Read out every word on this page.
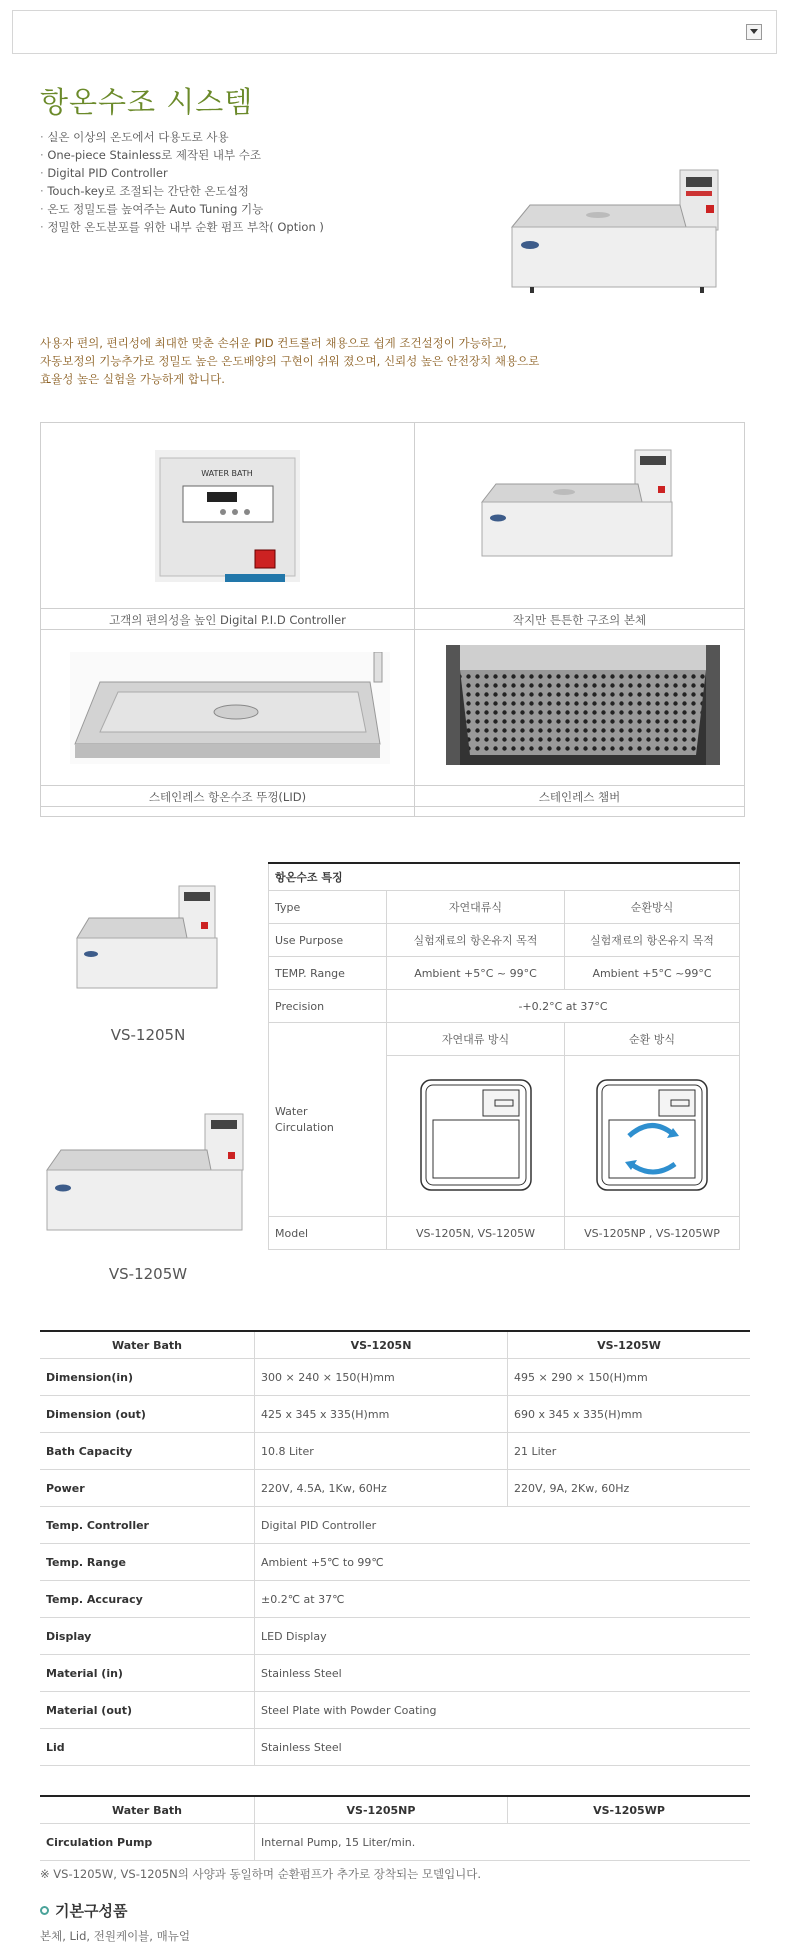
항온수조 시스템
· 실온 이상의 온도에서 다용도로 사용
· One-piece Stainless로 제작된 내부 수조
· Digital PID Controller
· Touch-key로 조절되는 간단한 온도설정
· 온도 정밀도를 높여주는 Auto Tuning 기능
· 정밀한 온도분포를 위한 내부 순환 펌프 부착( Option )
사용자 편의, 편리성에 최대한 맞춘 손쉬운 PID 컨트롤러 채용으로 쉽게 조건설정이 가능하고,
자동보정의 기능추가로 정밀도 높은 온도배양의 구현이 쉬워 졌으며, 신뢰성 높은 안전장치 채용으로
효율성 높은 실험을 가능하게 합니다.
WATER BATH
고객의 편의성을 높인 Digital P.I.D Controller	작지만 튼튼한 구조의 본체
스테인레스 항온수조 뚜껑(LID)	스테인레스 챔버
VS-1205N
VS-1205W
항온수조 특징		
Type	자연대류식	순환방식
Use Purpose	실험재료의 항온유지 목적	실험재료의 항온유지 목적
TEMP. Range	Ambient +5°C ~ 99°C	Ambient +5°C ~99°C
Precision	-+0.2°C at 37°C	
Water
Circulation	자연대류 방식	순환 방식

Model	VS-1205N, VS-1205W	VS-1205NP , VS-1205WP
Water Bath	VS-1205N	VS-1205W
Dimension(in)	300 × 240 × 150(H)mm	495 × 290 × 150(H)mm
Dimension (out)	425 x 345 x 335(H)mm	690 x 345 x 335(H)mm
Bath Capacity	10.8 Liter	21 Liter
Power	220V, 4.5A, 1Kw, 60Hz	220V, 9A, 2Kw, 60Hz
Temp. Controller	Digital PID Controller	
Temp. Range	Ambient +5℃ to 99℃	
Temp. Accuracy	±0.2℃ at 37℃	
Display	LED Display	
Material (in)	Stainless Steel	
Material (out)	Steel Plate with Powder Coating	
Lid	Stainless Steel	
Water Bath	VS-1205NP	VS-1205WP
Circulation Pump	Internal Pump, 15 Liter/min.	
※ VS-1205W, VS-1205N의 사양과 동일하며 순환펌프가 추가로 장착되는 모델입니다.
기본구성품
본체, Lid, 전원케이블, 매뉴얼
